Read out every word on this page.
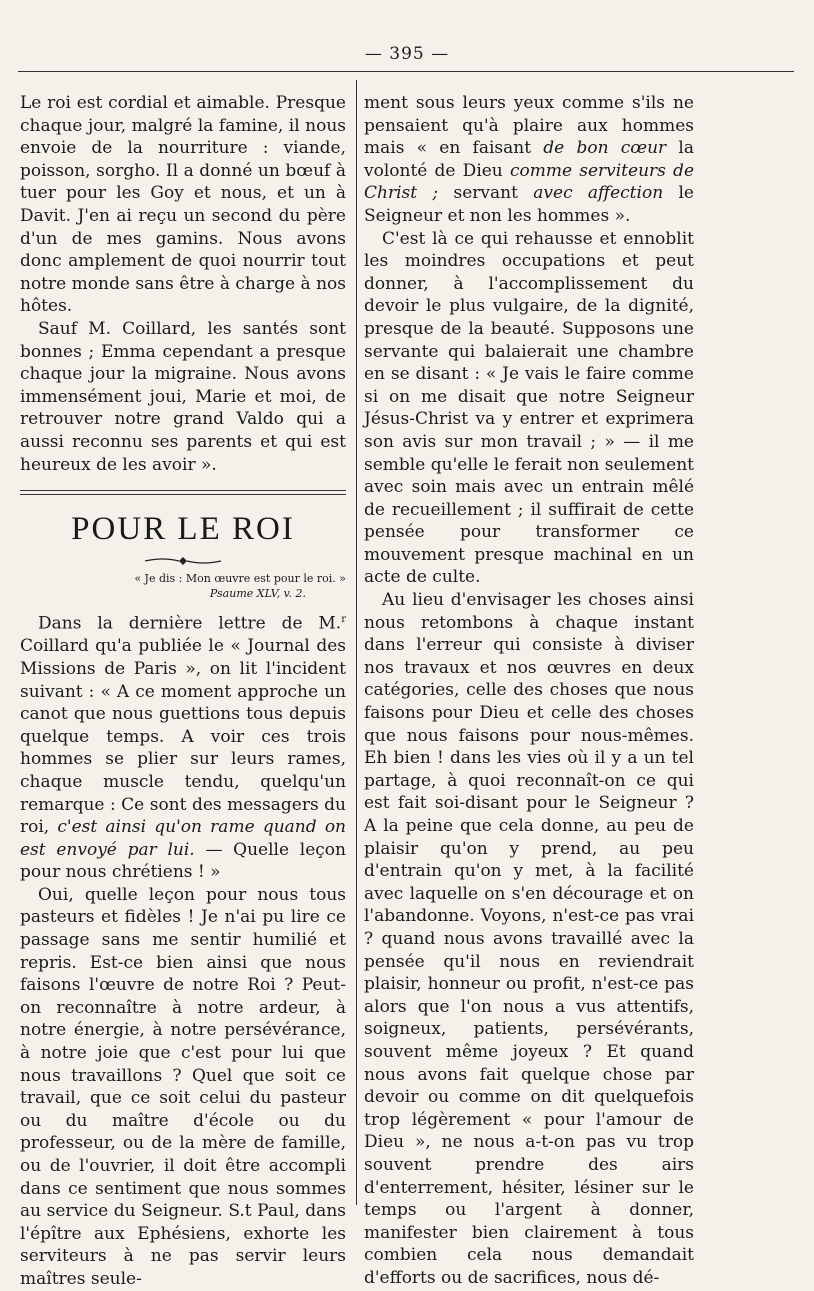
— 395 —

Le roi est cordial et aimable. Presque chaque jour, malgré la famine, il nous envoie de la nourriture : viande, poisson, sorgho. Il a donné un bœuf à tuer pour les Goy et nous, et un à Davit. J'en ai reçu un second du père d'un de mes gamins. Nous avons donc amplement de quoi nourrir tout notre monde sans être à charge à nos hôtes.

Sauf M. Coillard, les santés sont bonnes ; Emma cependant a presque chaque jour la migraine. Nous avons immensément joui, Marie et moi, de retrouver notre grand Valdo qui a aussi reconnu ses parents et qui est heureux de les avoir ».

POUR LE ROI
« Je dis : Mon œuvre est pour le roi. »
Psaume XLV, v. 2.

Dans la dernière lettre de M.$^r$ Coillard qu'a publiée le « Journal des Missions de Paris », on lit l'incident suivant : « A ce moment approche un canot que nous guettions tous depuis quelque temps. A voir ces trois hommes se plier sur leurs rames, chaque muscle tendu, quelqu'un remarque : Ce sont des messagers du roi, c'est ainsi qu'on rame quand on est envoyé par lui. — Quelle leçon pour nous chrétiens ! »

Oui, quelle leçon pour nous tous pasteurs et fidèles ! Je n'ai pu lire ce passage sans me sentir humilié et repris. Est-ce bien ainsi que nous faisons l'œuvre de notre Roi ? Peut-on reconnaître à notre ardeur, à notre énergie, à notre persévérance, à notre joie que c'est pour lui que nous travaillons ? Quel que soit ce travail, que ce soit celui du pasteur ou du maître d'école ou du professeur, ou de la mère de famille, ou de l'ouvrier, il doit être accompli dans ce sentiment que nous sommes au service du Seigneur. S.t Paul, dans l'épître aux Ephésiens, exhorte les serviteurs à ne pas servir leurs maîtres seule-

ment sous leurs yeux comme s'ils ne pensaient qu'à plaire aux hommes mais « en faisant de bon cœur la volonté de Dieu comme serviteurs de Christ ; servant avec affection le Seigneur et non les hommes ».

C'est là ce qui rehausse et ennoblit les moindres occupations et peut donner, à l'accomplissement du devoir le plus vulgaire, de la dignité, presque de la beauté. Supposons une servante qui balaierait une chambre en se disant : « Je vais le faire comme si on me disait que notre Seigneur Jésus-Christ va y entrer et exprimera son avis sur mon travail ; » — il me semble qu'elle le ferait non seulement avec soin mais avec un entrain mêlé de recueillement ; il suffirait de cette pensée pour transformer ce mouvement presque machinal en un acte de culte.

Au lieu d'envisager les choses ainsi nous retombons à chaque instant dans l'erreur qui consiste à diviser nos travaux et nos œuvres en deux catégories, celle des choses que nous faisons pour Dieu et celle des choses que nous faisons pour nous-mêmes. Eh bien ! dans les vies où il y a un tel partage, à quoi reconnaît-on ce qui est fait soi-disant pour le Seigneur ? A la peine que cela donne, au peu de plaisir qu'on y prend, au peu d'entrain qu'on y met, à la facilité avec laquelle on s'en décourage et on l'abandonne. Voyons, n'est-ce pas vrai ? quand nous avons travaillé avec la pensée qu'il nous en reviendrait plaisir, honneur ou profit, n'est-ce pas alors que l'on nous a vus attentifs, soigneux, patients, persévérants, souvent même joyeux ? Et quand nous avons fait quelque chose par devoir ou comme on dit quelquefois trop légèrement « pour l'amour de Dieu », ne nous a-t-on pas vu trop souvent prendre des airs d'enterrement, hésiter, lésiner sur le temps ou l'argent à donner, manifester bien clairement à tous combien cela nous demandait d'efforts ou de sacrifices, nous dé-
